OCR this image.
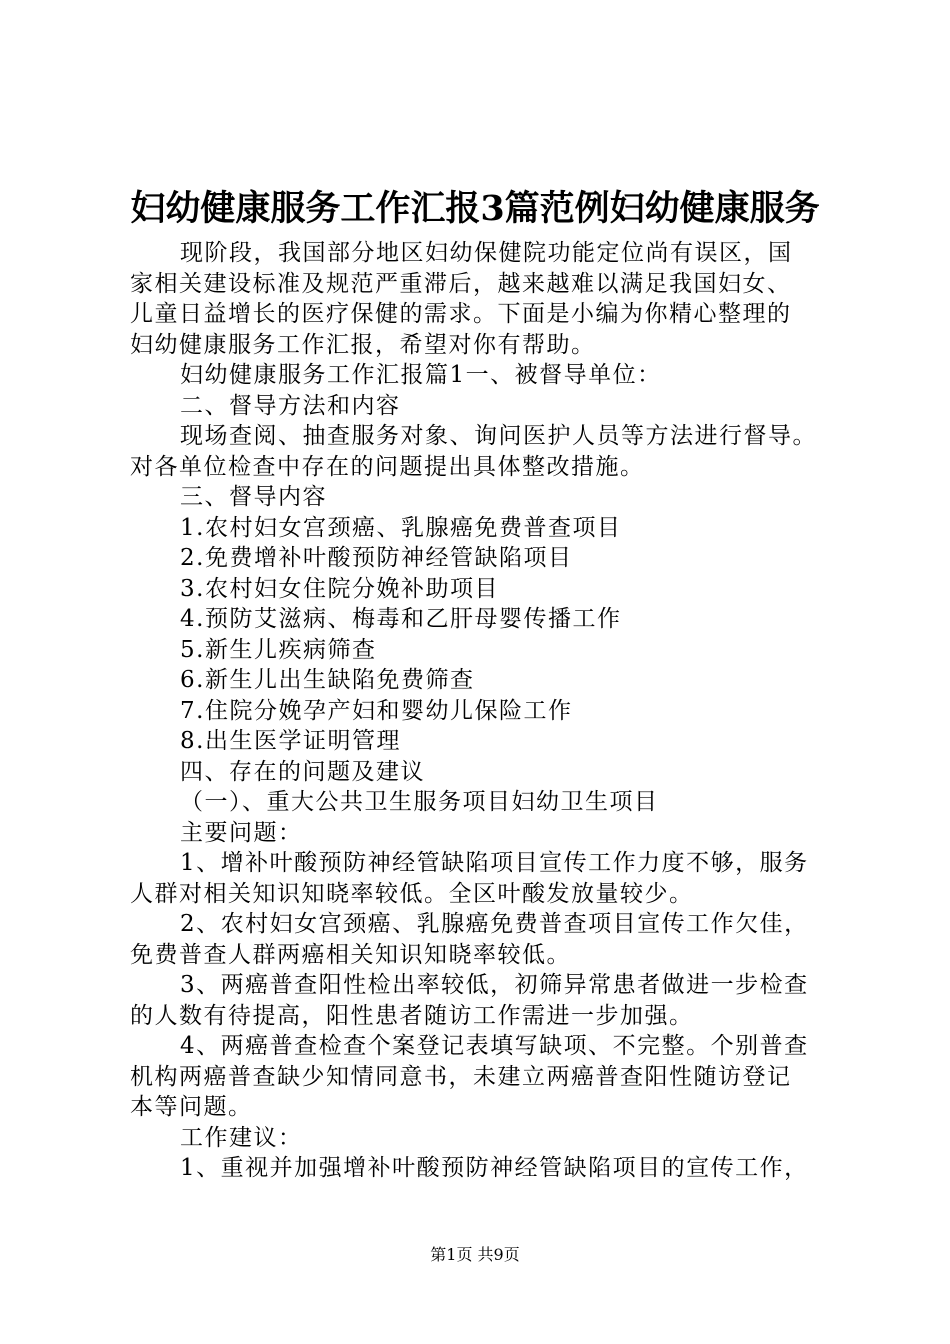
妇幼健康服务工作汇报3篇范例妇幼健康服务

现阶段，我国部分地区妇幼保健院功能定位尚有误区，国

家相关建设标准及规范严重滞后，越来越难以满足我国妇女、

儿童日益增长的医疗保健的需求。下面是小编为你精心整理的

妇幼健康服务工作汇报，希望对你有帮助。

妇幼健康服务工作汇报篇1一、被督导单位：

二、督导方法和内容

现场查阅、抽查服务对象、询问医护人员等方法进行督导。

对各单位检查中存在的问题提出具体整改措施。

三、督导内容

1.农村妇女宫颈癌、乳腺癌免费普查项目

2.免费增补叶酸预防神经管缺陷项目

3.农村妇女住院分娩补助项目

4.预防艾滋病、梅毒和乙肝母婴传播工作

5.新生儿疾病筛查

6.新生儿出生缺陷免费筛查

7.住院分娩孕产妇和婴幼儿保险工作

8.出生医学证明管理

四、存在的问题及建议

（一）、重大公共卫生服务项目妇幼卫生项目

主要问题：

1、增补叶酸预防神经管缺陷项目宣传工作力度不够，服务

人群对相关知识知晓率较低。全区叶酸发放量较少。

2、农村妇女宫颈癌、乳腺癌免费普查项目宣传工作欠佳，

免费普查人群两癌相关知识知晓率较低。

3、两癌普查阳性检出率较低，初筛异常患者做进一步检查

的人数有待提高，阳性患者随访工作需进一步加强。

4、两癌普查检查个案登记表填写缺项、不完整。个别普查

机构两癌普查缺少知情同意书，未建立两癌普查阳性随访登记

本等问题。

工作建议：

1、重视并加强增补叶酸预防神经管缺陷项目的宣传工作，

第1页 共9页
